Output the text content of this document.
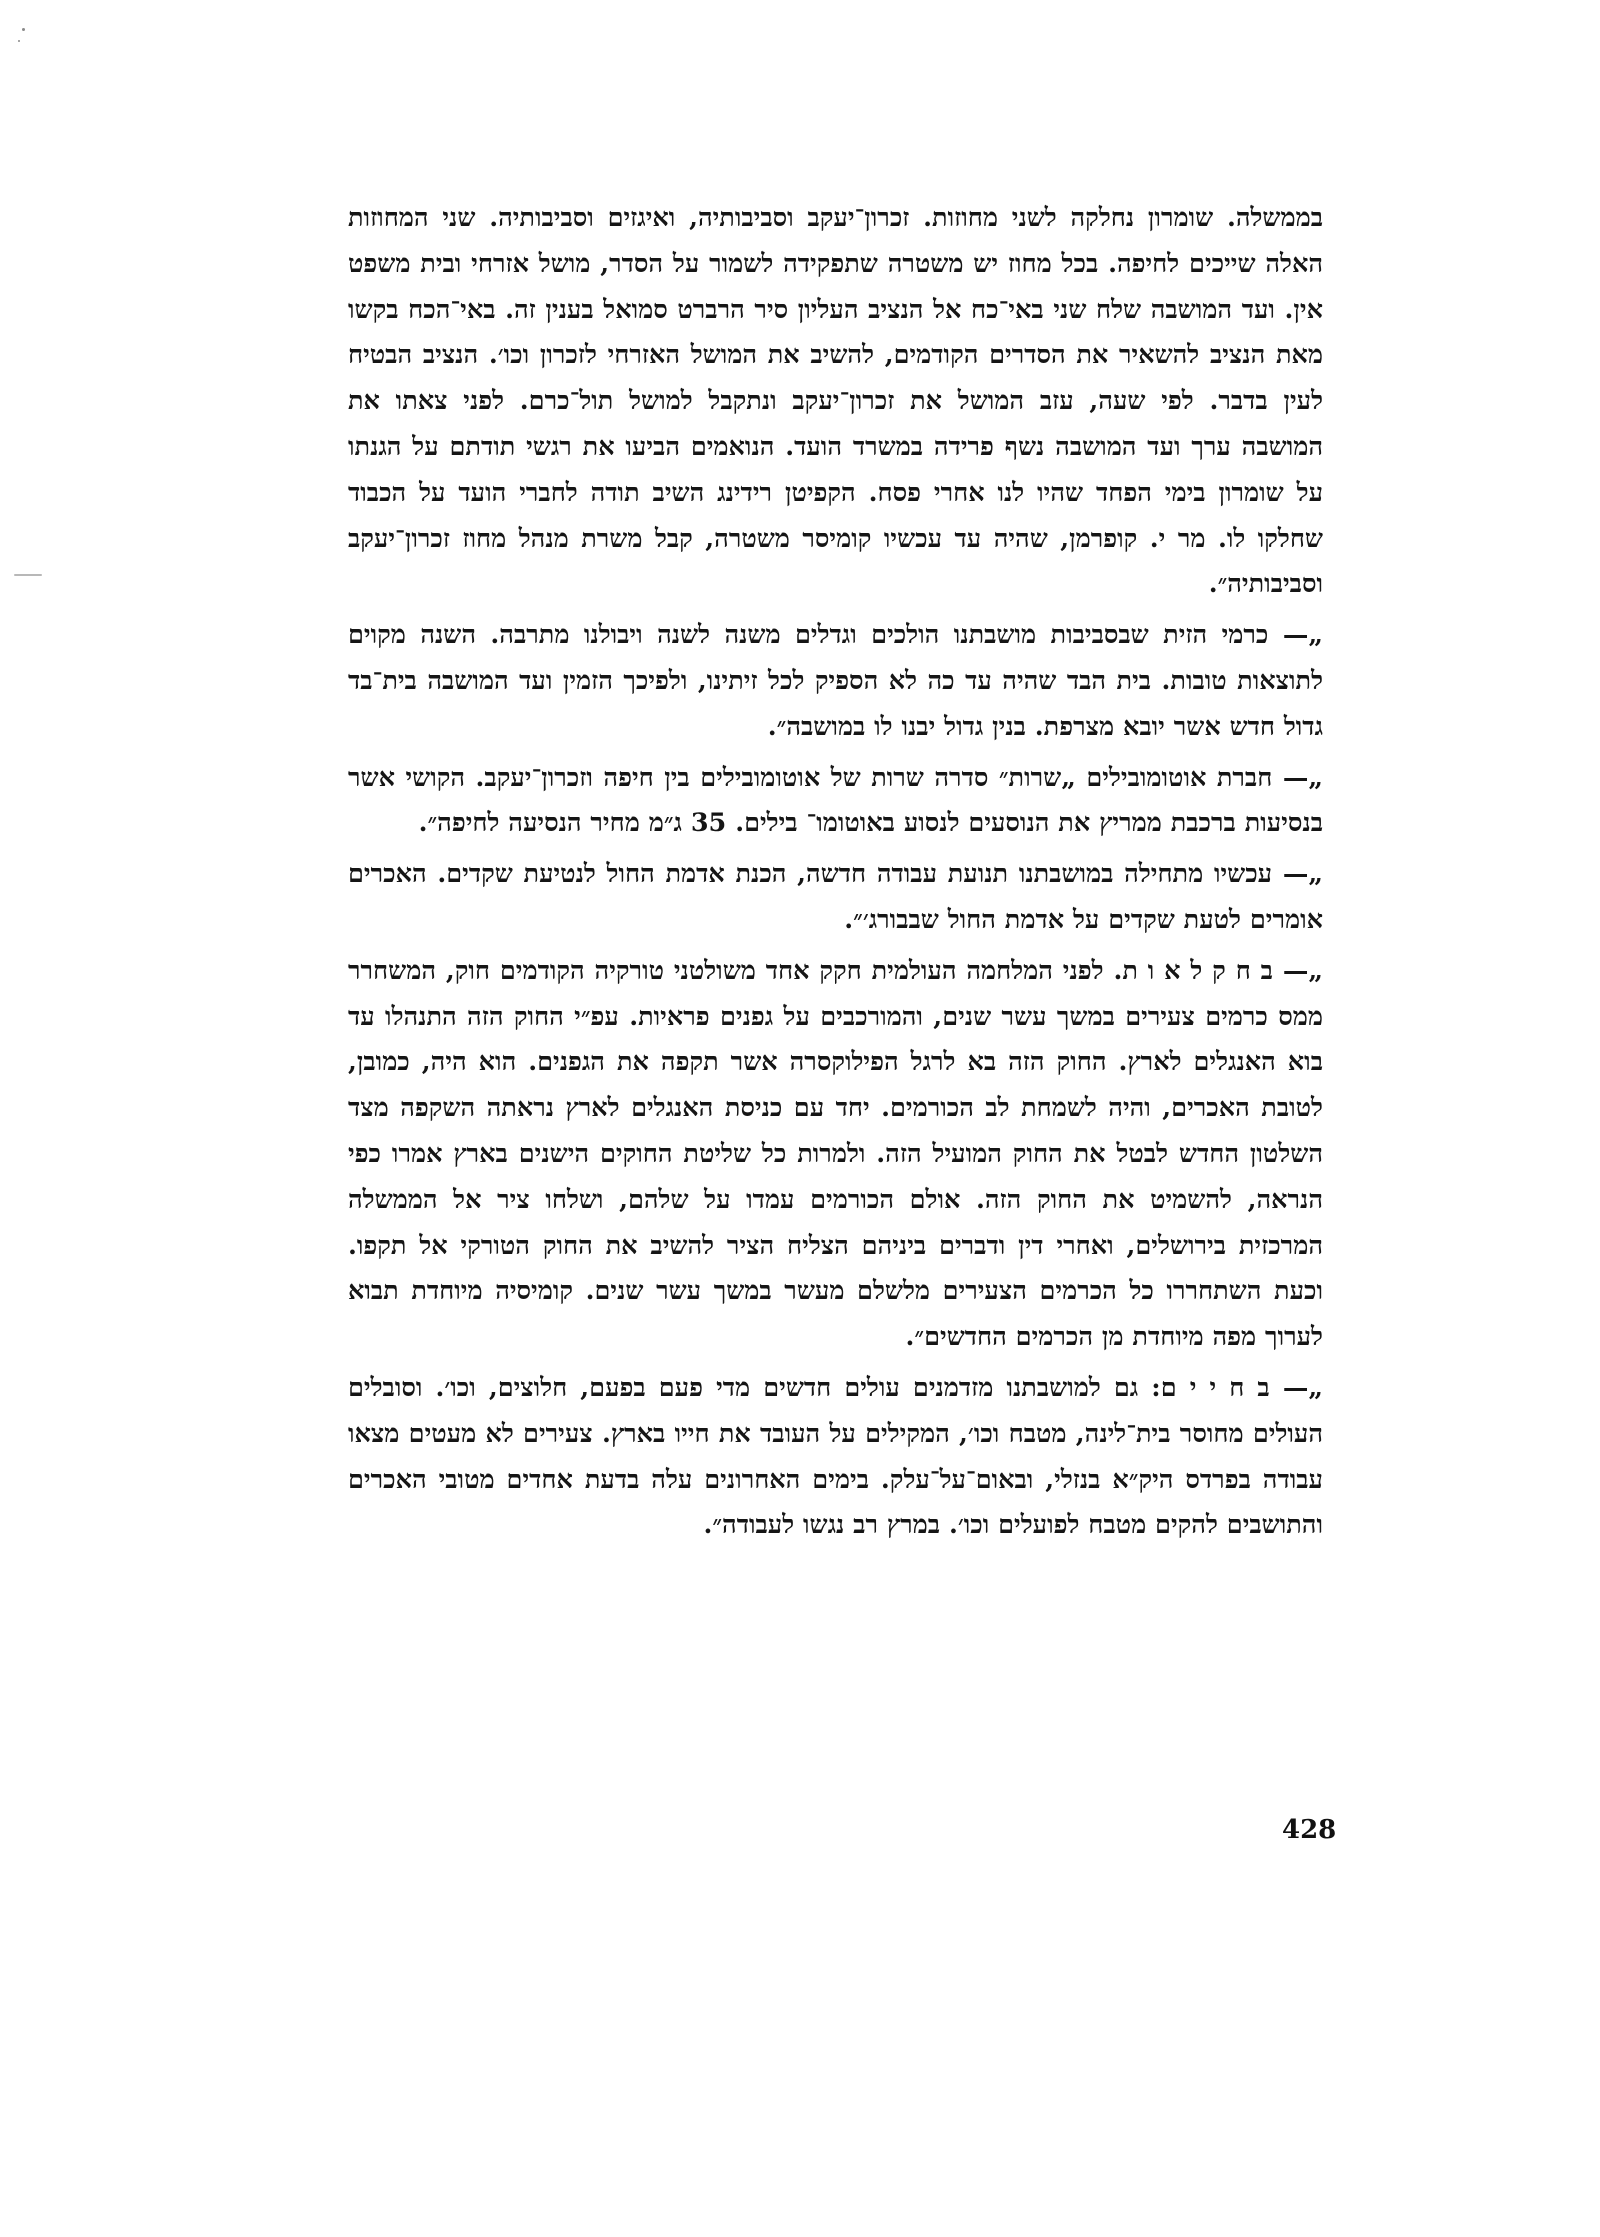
בממשלה. שומרון נחלקה לשני מחוזות. זכרון־יעקב וסביבותיה, ואיגזים וסביבותיה. שני המחוזות האלה שייכים לחיפה. בכל מחוז יש משטרה שתפקידה לשמור על הסדר, מושל אזרחי ובית משפט אין. ועד המושבה שלח שני באי־כח אל הנציב העליון סיר הרברט סמואל בענין זה. באי־הכח בקשו מאת הנציב להשאיר את הסדרים הקודמים, להשיב את המושל האזרחי לזכרון וכו׳. הנציב הבטיח לעין בדבר. לפי שעה, עזב המושל את זכרון־יעקב ונתקבל למושל תול־כרם. לפני צאתו את המושבה ערך ועד המושבה נשף פרידה במשרד הועד. הנואמים הביעו את רגשי תודתם על הגנתו על שומרון בימי הפחד שהיו לנו אחרי פסח. הקפיטן רידינג השיב תודה לחברי הועד על הכבוד שחלקו לו. מר י. קופרמן, שהיה עד עכשיו קומיסר משטרה, קבל משרת מנהל מחוז זכרון־יעקב וסביבותיה״.

„— כרמי הזית שבסביבות מושבתנו הולכים וגדלים משנה לשנה ויבולנו מתרבה. השנה מקוים לתוצאות טובות. בית הבד שהיה עד כה לא הספיק לכל זיתינו, ולפיכך הזמין ועד המושבה בית־בד גדול חדש אשר יובא מצרפת. בנין גדול יבנו לו במושבה״.

„— חברת אוטומובילים „שרות״ סדרה שרות של אוטומובילים בין חיפה וזכרון־יעקב. הקושי אשר בנסיעות ברכבת ממריץ את הנוסעים לנסוע באוטומו־ בילים. 35 ג״מ מחיר הנסיעה לחיפה״.

„— עכשיו מתחילה במושבתנו תנועת עבודה חדשה, הכנת אדמת החול לנטיעת שקדים. האכרים אומרים לטעת שקדים על אדמת החול שבבורג׳״.

„— ב ח ק ל א ו ת. לפני המלחמה העולמית חקק אחד משולטני טורקיה הקודמים חוק, המשחרר ממס כרמים צעירים במשך עשר שנים, והמורכבים על גפנים פראיות. עפ״י החוק הזה התנהלו עד בוא האנגלים לארץ. החוק הזה בא לרגל הפילוקסרה אשר תקפה את הגפנים. הוא היה, כמובן, לטובת האכרים, והיה לשמחת לב הכורמים. יחד עם כניסת האנגלים לארץ נראתה השקפה מצד השלטון החדש לבטל את החוק המועיל הזה. ולמרות כל שליטת החוקים הישנים בארץ אמרו כפי הנראה, להשמיט את החוק הזה. אולם הכורמים עמדו על שלהם, ושלחו ציר אל הממשלה המרכזית בירושלים, ואחרי דין ודברים ביניהם הצליח הציר להשיב את החוק הטורקי אל תקפו. וכעת השתחררו כל הכרמים הצעירים מלשלם מעשר במשך עשר שנים. קומיסיה מיוחדת תבוא לערוך מפה מיוחדת מן הכרמים החדשים״.

„— ב ח י י ם: גם למושבתנו מזדמנים עולים חדשים מדי פעם בפעם, חלוצים, וכו׳. וסובלים העולים מחוסר בית־לינה, מטבח וכו׳, המקילים על העובד את חייו בארץ. צעירים לא מעטים מצאו עבודה בפרדס היק״א בנזלי, ובאום־על־עלק. בימים האחרונים עלה בדעת אחדים מטובי האכרים והתושבים להקים מטבח לפועלים וכו׳. במרץ רב נגשו לעבודה״.

428
